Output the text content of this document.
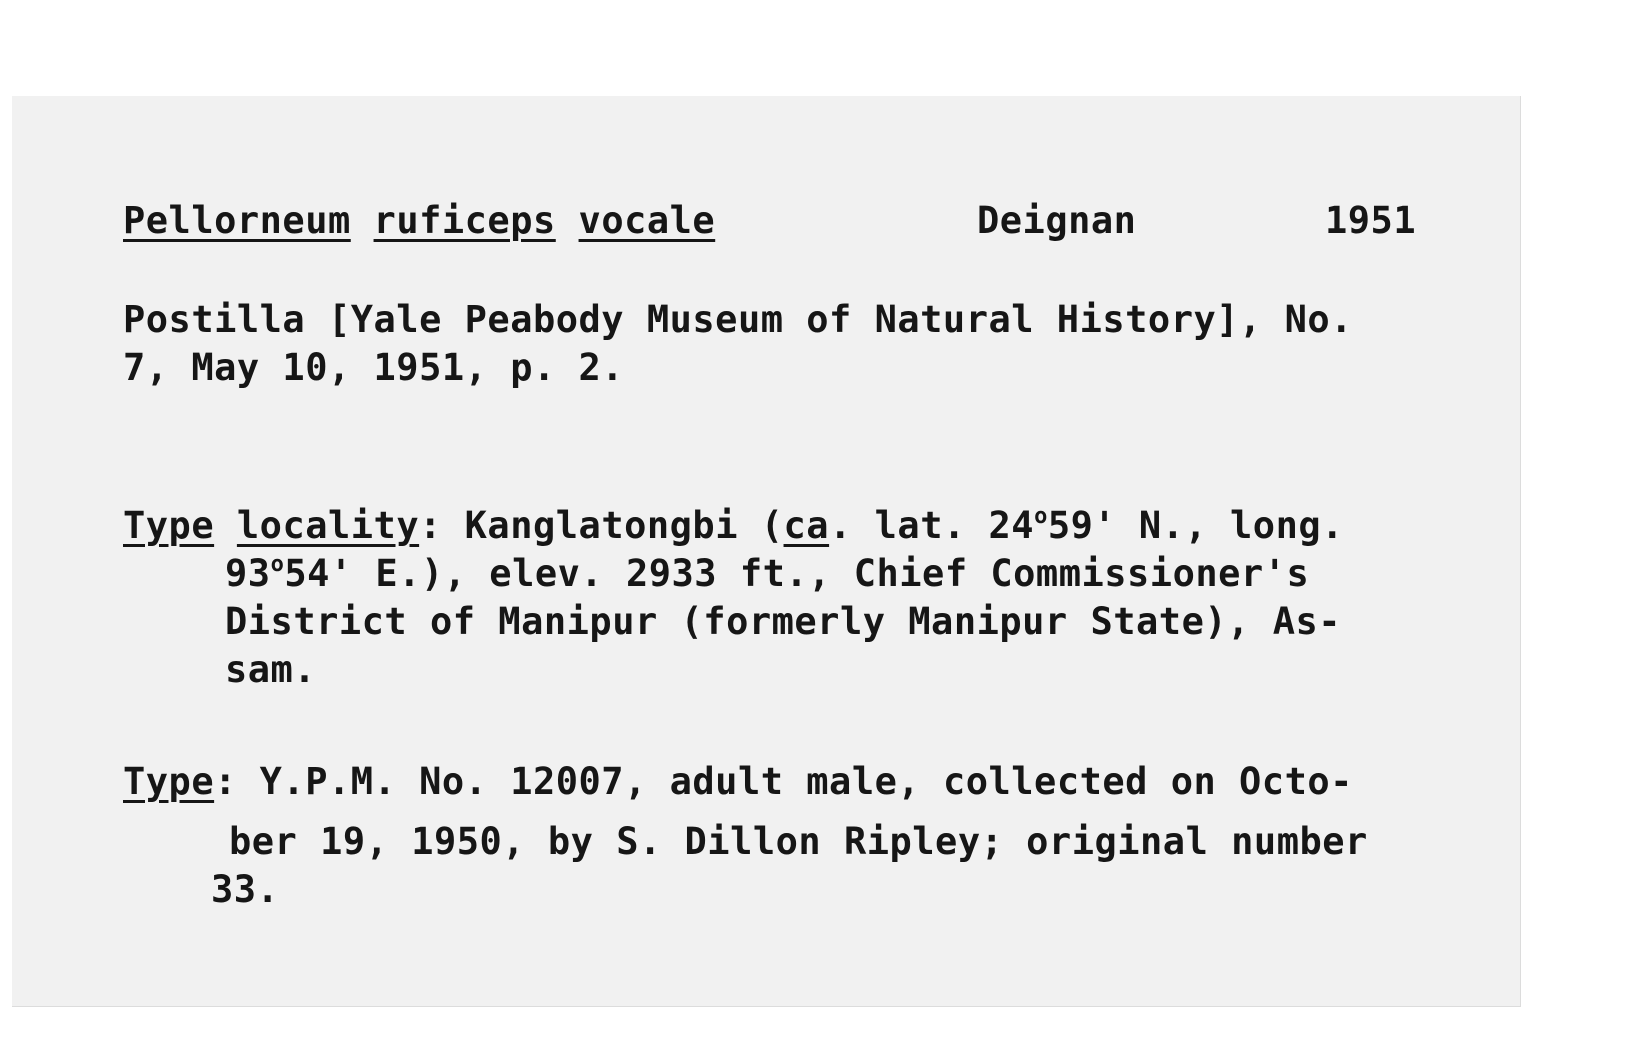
Pellorneum ruficeps vocale	Deignan	1951
Postilla [Yale Peabody Museum of Natural History], No.
7, May 10, 1951, p. 2.
Type locality: Kanglatongbi (ca. lat. 24$^o$59' N., long.
93$^o$54' E.), elev. 2933 ft., Chief Commissioner's
District of Manipur (formerly Manipur State), As-
sam.
Type: Y.P.M. No. 12007, adult male, collected on Octo-
ber 19, 1950, by S. Dillon Ripley; original number
33.
